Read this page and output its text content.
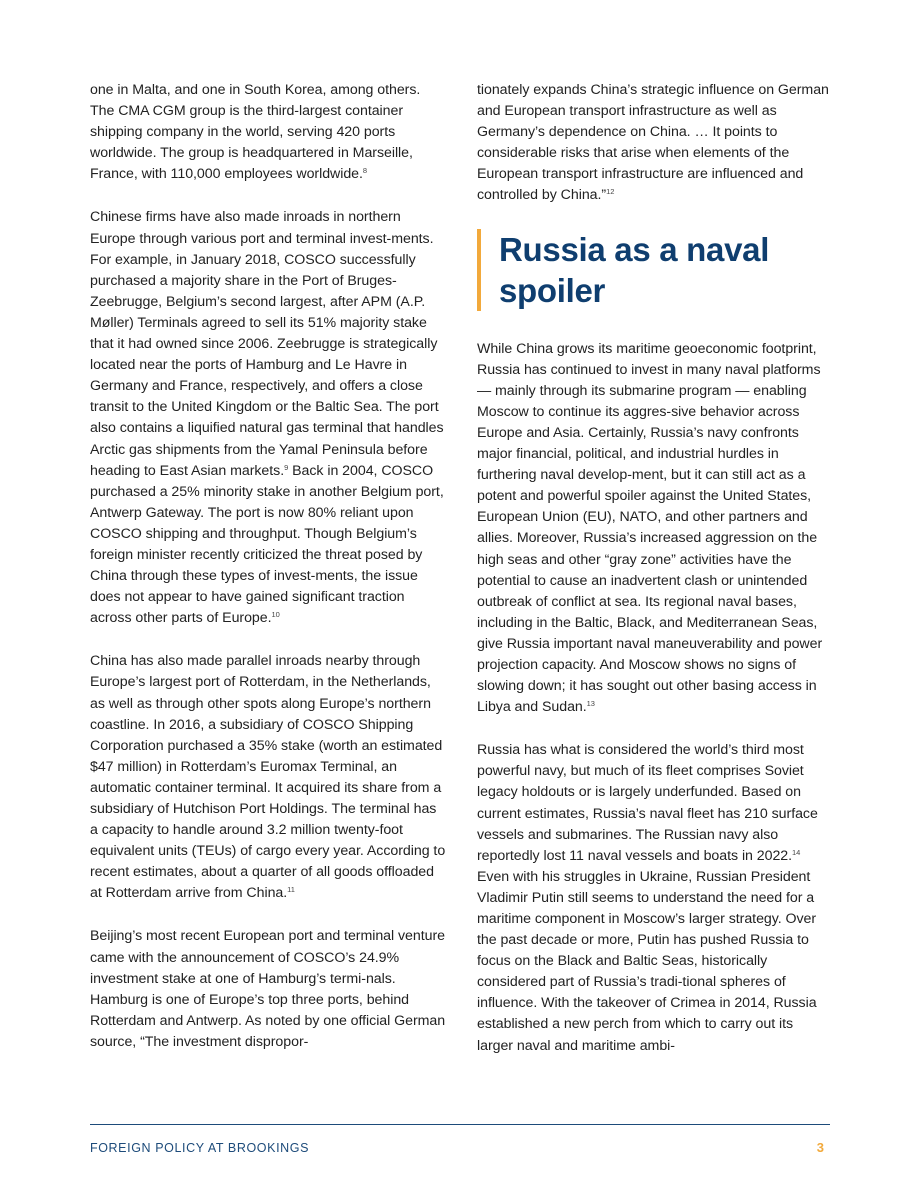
one in Malta, and one in South Korea, among others. The CMA CGM group is the third-largest container shipping company in the world, serving 420 ports worldwide. The group is headquartered in Marseille, France, with 110,000 employees worldwide.$^8$

Chinese firms have also made inroads in northern Europe through various port and terminal invest-ments. For example, in January 2018, COSCO successfully purchased a majority share in the Port of Bruges-Zeebrugge, Belgium’s second largest, after APM (A.P. Møller) Terminals agreed to sell its 51% majority stake that it had owned since 2006. Zeebrugge is strategically located near the ports of Hamburg and Le Havre in Germany and France, respectively, and offers a close transit to the United Kingdom or the Baltic Sea. The port also contains a liquified natural gas terminal that handles Arctic gas shipments from the Yamal Peninsula before heading to East Asian markets.$^9$ Back in 2004, COSCO purchased a 25% minority stake in another Belgium port, Antwerp Gateway. The port is now 80% reliant upon COSCO shipping and throughput. Though Belgium’s foreign minister recently criticized the threat posed by China through these types of invest-ments, the issue does not appear to have gained significant traction across other parts of Europe.$^{10}$

China has also made parallel inroads nearby through Europe’s largest port of Rotterdam, in the Netherlands, as well as through other spots along Europe’s northern coastline. In 2016, a subsidiary of COSCO Shipping Corporation purchased a 35% stake (worth an estimated $47 million) in Rotterdam’s Euromax Terminal, an automatic container terminal. It acquired its share from a subsidiary of Hutchison Port Holdings. The terminal has a capacity to handle around 3.2 million twenty-foot equivalent units (TEUs) of cargo every year. According to recent estimates, about a quarter of all goods offloaded at Rotterdam arrive from China.$^{11}$

Beijing’s most recent European port and terminal venture came with the announcement of COSCO’s 24.9% investment stake at one of Hamburg’s termi-nals. Hamburg is one of Europe’s top three ports, behind Rotterdam and Antwerp. As noted by one official German source, “The investment dispropor-

tionately expands China’s strategic influence on German and European transport infrastructure as well as Germany’s dependence on China. … It points to considerable risks that arise when elements of the European transport infrastructure are influenced and controlled by China.”$^{12}$

Russia as a naval spoiler

While China grows its maritime geoeconomic footprint, Russia has continued to invest in many naval platforms — mainly through its submarine program — enabling Moscow to continue its aggres-sive behavior across Europe and Asia. Certainly, Russia’s navy confronts major financial, political, and industrial hurdles in furthering naval develop-ment, but it can still act as a potent and powerful spoiler against the United States, European Union (EU), NATO, and other partners and allies. Moreover, Russia’s increased aggression on the high seas and other “gray zone” activities have the potential to cause an inadvertent clash or unintended outbreak of conflict at sea. Its regional naval bases, including in the Baltic, Black, and Mediterranean Seas, give Russia important naval maneuverability and power projection capacity. And Moscow shows no signs of slowing down; it has sought out other basing access in Libya and Sudan.$^{13}$

Russia has what is considered the world’s third most powerful navy, but much of its fleet comprises Soviet legacy holdouts or is largely underfunded. Based on current estimates, Russia’s naval fleet has 210 surface vessels and submarines. The Russian navy also reportedly lost 11 naval vessels and boats in 2022.14 Even with his struggles in Ukraine, Russian President Vladimir Putin still seems to understand the need for a maritime component in Moscow’s larger strategy. Over the past decade or more, Putin has pushed Russia to focus on the Black and Baltic Seas, historically considered part of Russia’s tradi-tional spheres of influence. With the takeover of Crimea in 2014, Russia established a new perch from which to carry out its larger naval and maritime ambi-

FOREIGN POLICY AT BROOKINGS	3
